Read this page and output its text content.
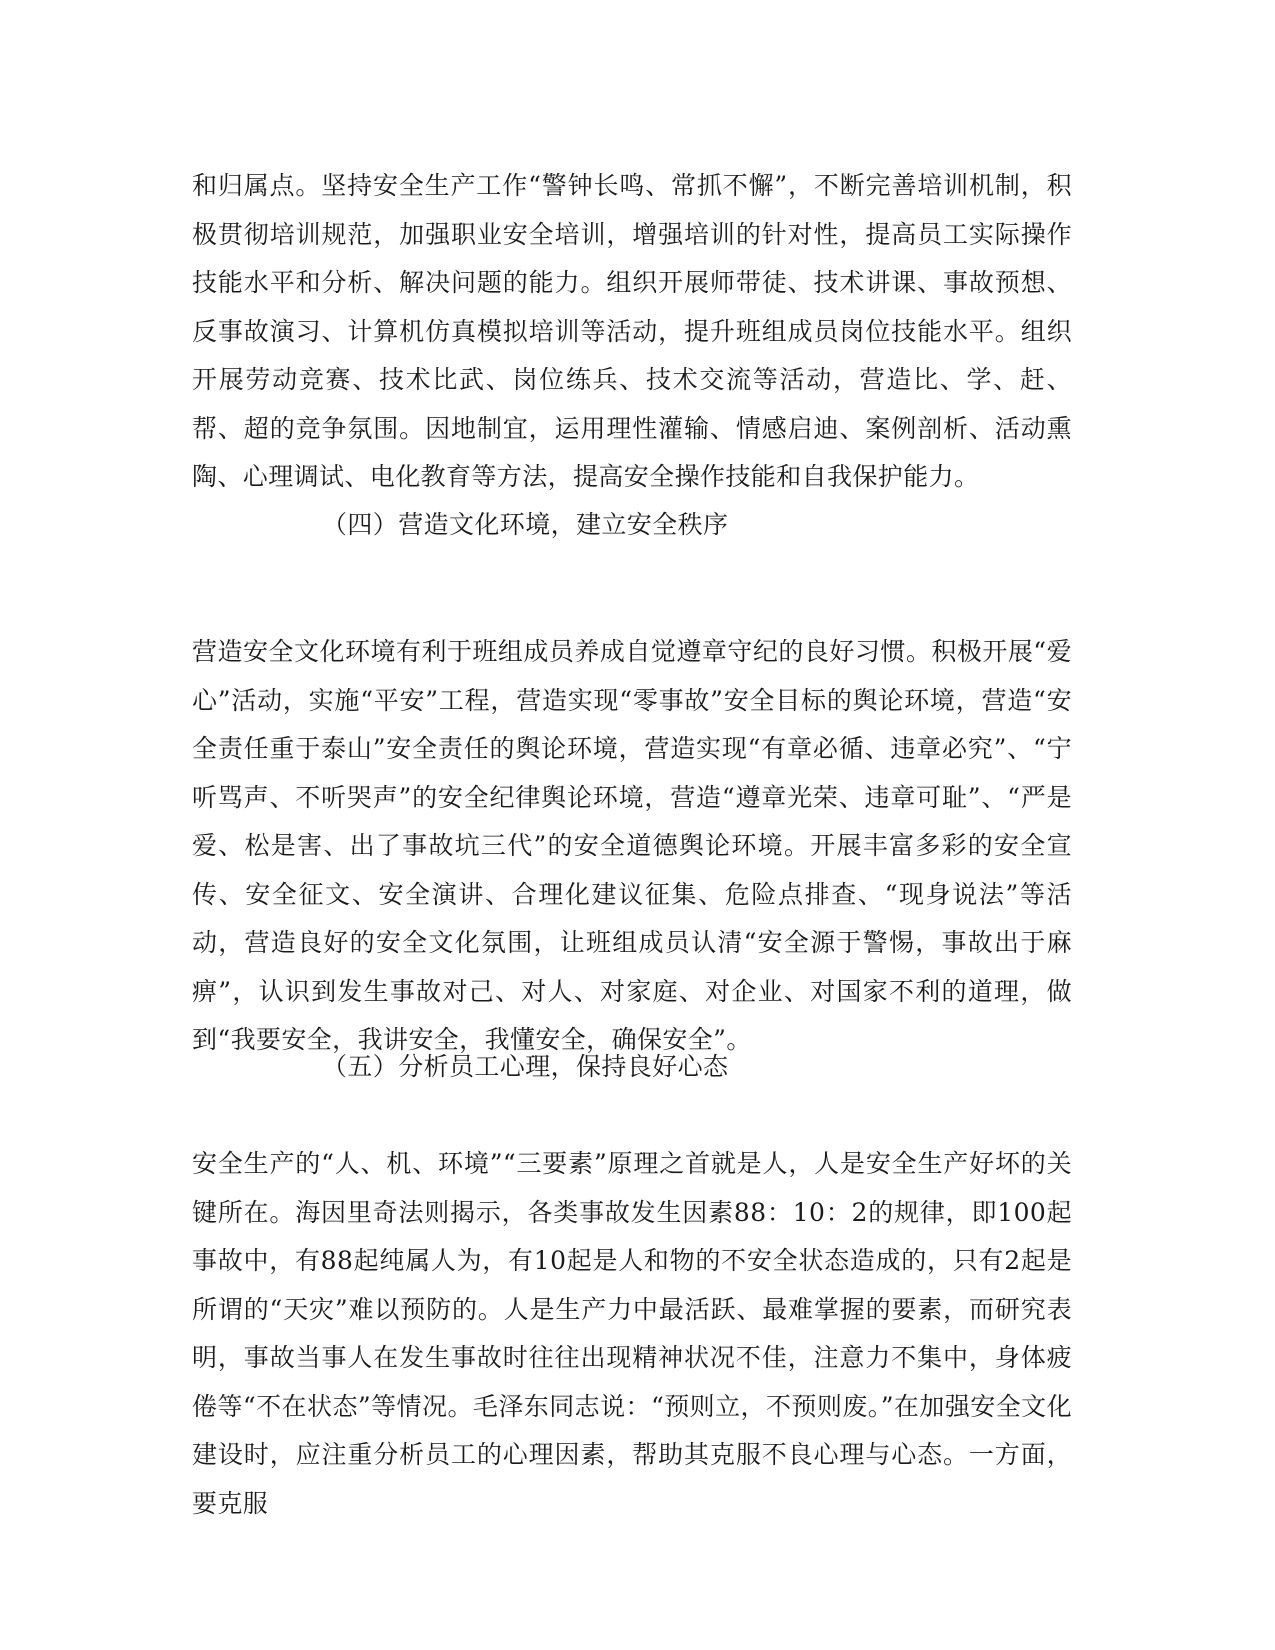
和归属点。坚持安全生产工作“警钟长鸣、常抓不懈”，不断完善培训机制，积极贯彻培训规范，加强职业安全培训，增强培训的针对性，提高员工实际操作技能水平和分析、解决问题的能力。组织开展师带徒、技术讲课、事故预想、反事故演习、计算机仿真模拟培训等活动，提升班组成员岗位技能水平。组织开展劳动竞赛、技术比武、岗位练兵、技术交流等活动，营造比、学、赶、帮、超的竞争氛围。因地制宜，运用理性灌输、情感启迪、案例剖析、活动熏陶、心理调试、电化教育等方法，提高安全操作技能和自我保护能力。

（四）营造文化环境，建立安全秩序

营造安全文化环境有利于班组成员养成自觉遵章守纪的良好习惯。积极开展“爱心”活动，实施“平安”工程，营造实现“零事故”安全目标的舆论环境，营造“安全责任重于泰山”安全责任的舆论环境，营造实现“有章必循、违章必究”、“宁听骂声、不听哭声”的安全纪律舆论环境，营造“遵章光荣、违章可耻”、“严是爱、松是害、出了事故坑三代”的安全道德舆论环境。开展丰富多彩的安全宣传、安全征文、安全演讲、合理化建议征集、危险点排查、“现身说法”等活动，营造良好的安全文化氛围，让班组成员认清“安全源于警惕，事故出于麻痹”，认识到发生事故对己、对人、对家庭、对企业、对国家不利的道理，做到“我要安全，我讲安全，我懂安全，确保安全”。

（五）分析员工心理，保持良好心态

安全生产的“人、机、环境”“三要素”原理之首就是人，人是安全生产好坏的关键所在。海因里奇法则揭示，各类事故发生因素88：10：2的规律，即100起事故中，有88起纯属人为，有10起是人和物的不安全状态造成的，只有2起是所谓的“天灾”难以预防的。人是生产力中最活跃、最难掌握的要素，而研究表明，事故当事人在发生事故时往往出现精神状况不佳，注意力不集中，身体疲倦等“不在状态”等情况。毛泽东同志说：“预则立，不预则废。”在加强安全文化建设时，应注重分析员工的心理因素，帮助其克服不良心理与心态。一方面，要克服
